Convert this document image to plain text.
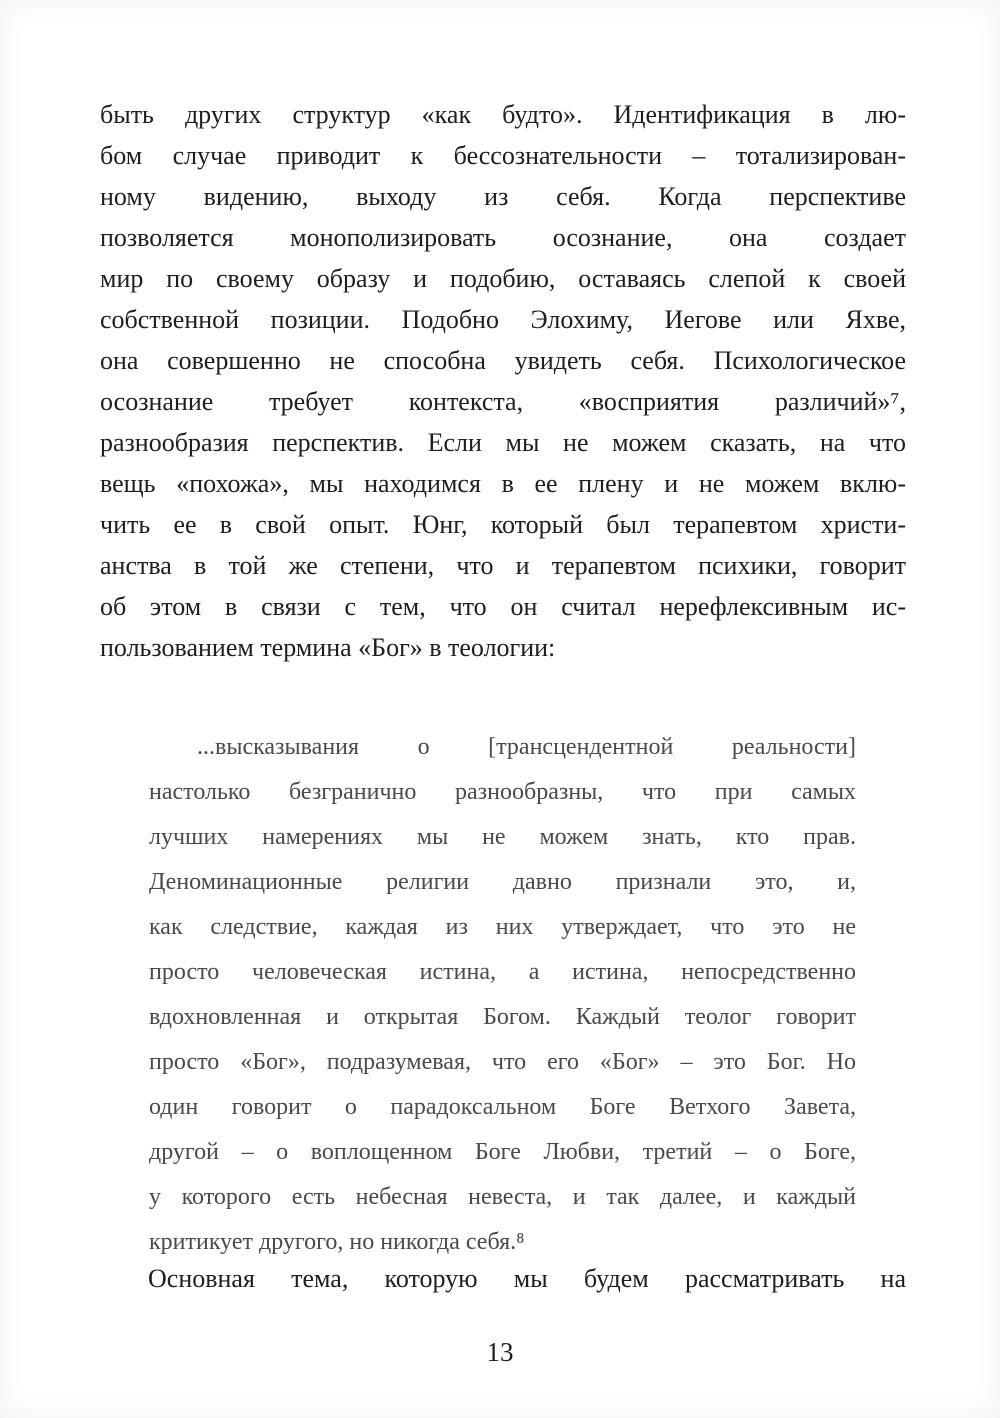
быть других структур «как будто». Идентификация в лю-
бом случае приводит к бессознательности – тотализирован-
ному видению, выходу из себя. Когда перспективе
позволяется монополизировать осознание, она создает
мир по своему образу и подобию, оставаясь слепой к своей
собственной позиции. Подобно Элохиму, Иегове или Яхве,
она совершенно не способна увидеть себя. Психологическое
осознание требует контекста, «восприятия различий»⁷,
разнообразия перспектив. Если мы не можем сказать, на что
вещь «похожа», мы находимся в ее плену и не можем вклю-
чить ее в свой опыт. Юнг, который был терапевтом христи-
анства в той же степени, что и терапевтом психики, говорит
об этом в связи с тем, что он считал нерефлексивным ис-
пользованием термина «Бог» в теологии:
...высказывания о [трансцендентной реальности]
настолько безгранично разнообразны, что при самых
лучших намерениях мы не можем знать, кто прав.
Деноминационные религии давно признали это, и,
как следствие, каждая из них утверждает, что это не
просто человеческая истина, а истина, непосредственно
вдохновленная и открытая Богом. Каждый теолог говорит
просто «Бог», подразумевая, что его «Бог» – это Бог. Но
один говорит о парадоксальном Боге Ветхого Завета,
другой – о воплощенном Боге Любви, третий – о Боге,
у которого есть небесная невеста, и так далее, и каждый
критикует другого, но никогда себя.⁸
Основная тема, которую мы будем рассматривать на
13
